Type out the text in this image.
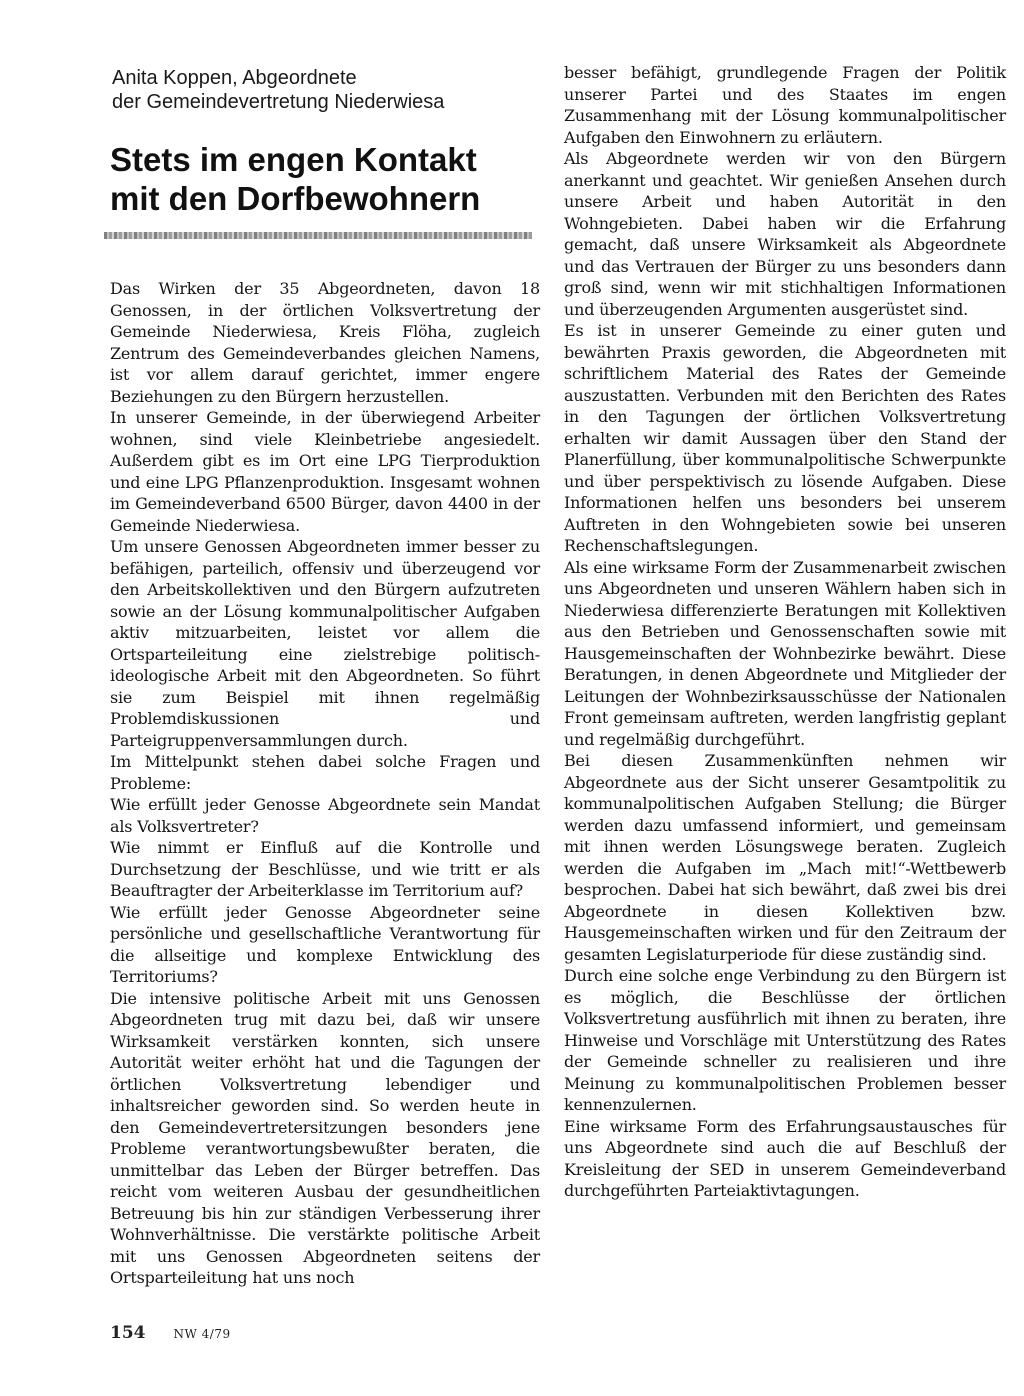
Anita Koppen, Abgeordnete
der Gemeindevertretung Niederwiesa
Stets im engen Kontakt
mit den Dorfbewohnern

Das Wirken der 35 Abgeordneten, davon 18 Genossen, in der örtlichen Volksvertretung der Gemeinde Niederwiesa, Kreis Flöha, zugleich Zentrum des Gemeindeverbandes gleichen Namens, ist vor allem darauf gerichtet, immer engere Beziehungen zu den Bürgern herzustellen.

In unserer Gemeinde, in der überwiegend Arbeiter wohnen, sind viele Kleinbetriebe angesiedelt. Außerdem gibt es im Ort eine LPG Tierproduktion und eine LPG Pflanzenproduktion. Insgesamt wohnen im Gemeindeverband 6500 Bürger, davon 4400 in der Gemeinde Niederwiesa.

Um unsere Genossen Abgeordneten immer besser zu befähigen, parteilich, offensiv und überzeugend vor den Arbeitskollektiven und den Bürgern aufzutreten sowie an der Lösung kommunalpolitischer Aufgaben aktiv mitzuarbeiten, leistet vor allem die Ortsparteileitung eine zielstrebige politisch-ideologische Arbeit mit den Abgeordneten. So führt sie zum Beispiel mit ihnen regelmäßig Problemdiskussionen und Parteigruppenversammlungen durch.

Im Mittelpunkt stehen dabei solche Fragen und Probleme:

Wie erfüllt jeder Genosse Abgeordnete sein Mandat als Volksvertreter?

Wie nimmt er Einfluß auf die Kontrolle und Durchsetzung der Beschlüsse, und wie tritt er als Beauftragter der Arbeiterklasse im Territorium auf?

Wie erfüllt jeder Genosse Abgeordneter seine persönliche und gesellschaftliche Verantwortung für die allseitige und komplexe Entwicklung des Territoriums?

Die intensive politische Arbeit mit uns Genossen Abgeordneten trug mit dazu bei, daß wir unsere Wirksamkeit verstärken konnten, sich unsere Autorität weiter erhöht hat und die Tagungen der örtlichen Volksvertretung lebendiger und inhaltsreicher geworden sind. So werden heute in den Gemeindevertretersitzungen besonders jene Probleme verantwortungsbewußter beraten, die unmittelbar das Leben der Bürger betreffen. Das reicht vom weiteren Ausbau der gesundheitlichen Betreuung bis hin zur ständigen Verbesserung ihrer Wohnverhältnisse. Die verstärkte politische Arbeit mit uns Genossen Abgeordneten seitens der Ortsparteileitung hat uns noch

besser befähigt, grundlegende Fragen der Politik unserer Partei und des Staates im engen Zusammenhang mit der Lösung kommunalpolitischer Aufgaben den Einwohnern zu erläutern.

Als Abgeordnete werden wir von den Bürgern anerkannt und geachtet. Wir genießen Ansehen durch unsere Arbeit und haben Autorität in den Wohngebieten. Dabei haben wir die Erfahrung gemacht, daß unsere Wirksamkeit als Abgeordnete und das Vertrauen der Bürger zu uns besonders dann groß sind, wenn wir mit stichhaltigen Informationen und überzeugenden Argumenten ausgerüstet sind.

Es ist in unserer Gemeinde zu einer guten und bewährten Praxis geworden, die Abgeordneten mit schriftlichem Material des Rates der Gemeinde auszustatten. Verbunden mit den Berichten des Rates in den Tagungen der örtlichen Volksvertretung erhalten wir damit Aussagen über den Stand der Planerfüllung, über kommunalpolitische Schwerpunkte und über perspektivisch zu lösende Aufgaben. Diese Informationen helfen uns besonders bei unserem Auftreten in den Wohngebieten sowie bei unseren Rechenschaftslegungen.

Als eine wirksame Form der Zusammenarbeit zwischen uns Abgeordneten und unseren Wählern haben sich in Niederwiesa differenzierte Beratungen mit Kollektiven aus den Betrieben und Genossenschaften sowie mit Hausgemeinschaften der Wohnbezirke bewährt. Diese Beratungen, in denen Abgeordnete und Mitglieder der Leitungen der Wohnbezirksausschüsse der Nationalen Front gemeinsam auftreten, werden langfristig geplant und regelmäßig durchgeführt.

Bei diesen Zusammenkünften nehmen wir Abgeordnete aus der Sicht unserer Gesamtpolitik zu kommunalpolitischen Aufgaben Stellung; die Bürger werden dazu umfassend informiert, und gemeinsam mit ihnen werden Lösungswege beraten. Zugleich werden die Aufgaben im „Mach mit!“-Wettbewerb besprochen. Dabei hat sich bewährt, daß zwei bis drei Abgeordnete in diesen Kollektiven bzw. Hausgemeinschaften wirken und für den Zeitraum der gesamten Legislaturperiode für diese zuständig sind.

Durch eine solche enge Verbindung zu den Bürgern ist es möglich, die Beschlüsse der örtlichen Volksvertretung ausführlich mit ihnen zu beraten, ihre Hinweise und Vorschläge mit Unterstützung des Rates der Gemeinde schneller zu realisieren und ihre Meinung zu kommunalpolitischen Problemen besser kennenzulernen.

Eine wirksame Form des Erfahrungsaustausches für uns Abgeordnete sind auch die auf Beschluß der Kreisleitung der SED in unserem Gemeindeverband durchgeführten Parteiaktivtagungen.

154 NW 4/79
